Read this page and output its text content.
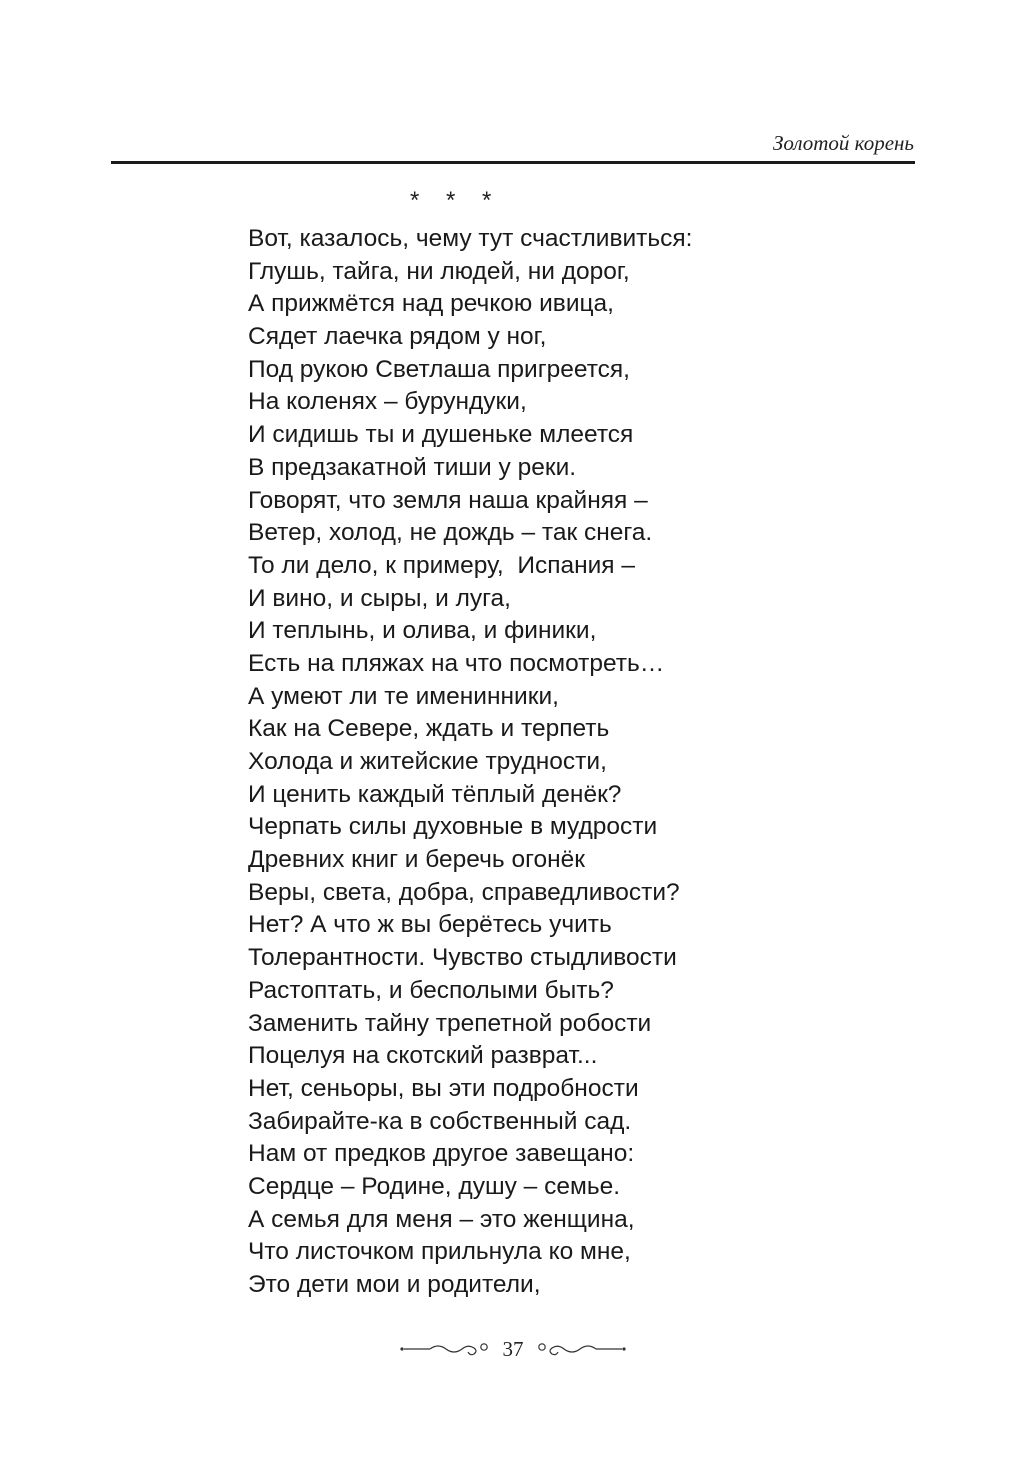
Золотой корень
* * *
Вот, казалось, чему тут счастливиться:
Глушь, тайга, ни людей, ни дорог,
А прижмётся над речкою ивица,
Сядет лаечка рядом у ног,
Под рукою Светлаша пригреется,
На коленях – бурундуки,
И сидишь ты и душеньке млеется
В предзакатной тиши у реки.
Говорят, что земля наша крайняя –
Ветер, холод, не дождь – так снега.
То ли дело, к примеру,  Испания –
И вино, и сыры, и луга,
И теплынь, и олива, и финики,
Есть на пляжах на что посмотреть…
А умеют ли те именинники,
Как на Севере, ждать и терпеть
Холода и житейские трудности,
И ценить каждый тёплый денёк?
Черпать силы духовные в мудрости
Древних книг и беречь огонёк
Веры, света, добра, справедливости?
Нет? А что ж вы берётесь учить
Толерантности. Чувство стыдливости
Растоптать, и бесполыми быть?
Заменить тайну трепетной робости
Поцелуя на скотский разврат...
Нет, сеньоры, вы эти подробности
Забирайте-ка в собственный сад.
Нам от предков другое завещано:
Сердце – Родине, душу – семье.
А семья для меня – это женщина,
Что листочком прильнула ко мне,
Это дети мои и родители,
37
